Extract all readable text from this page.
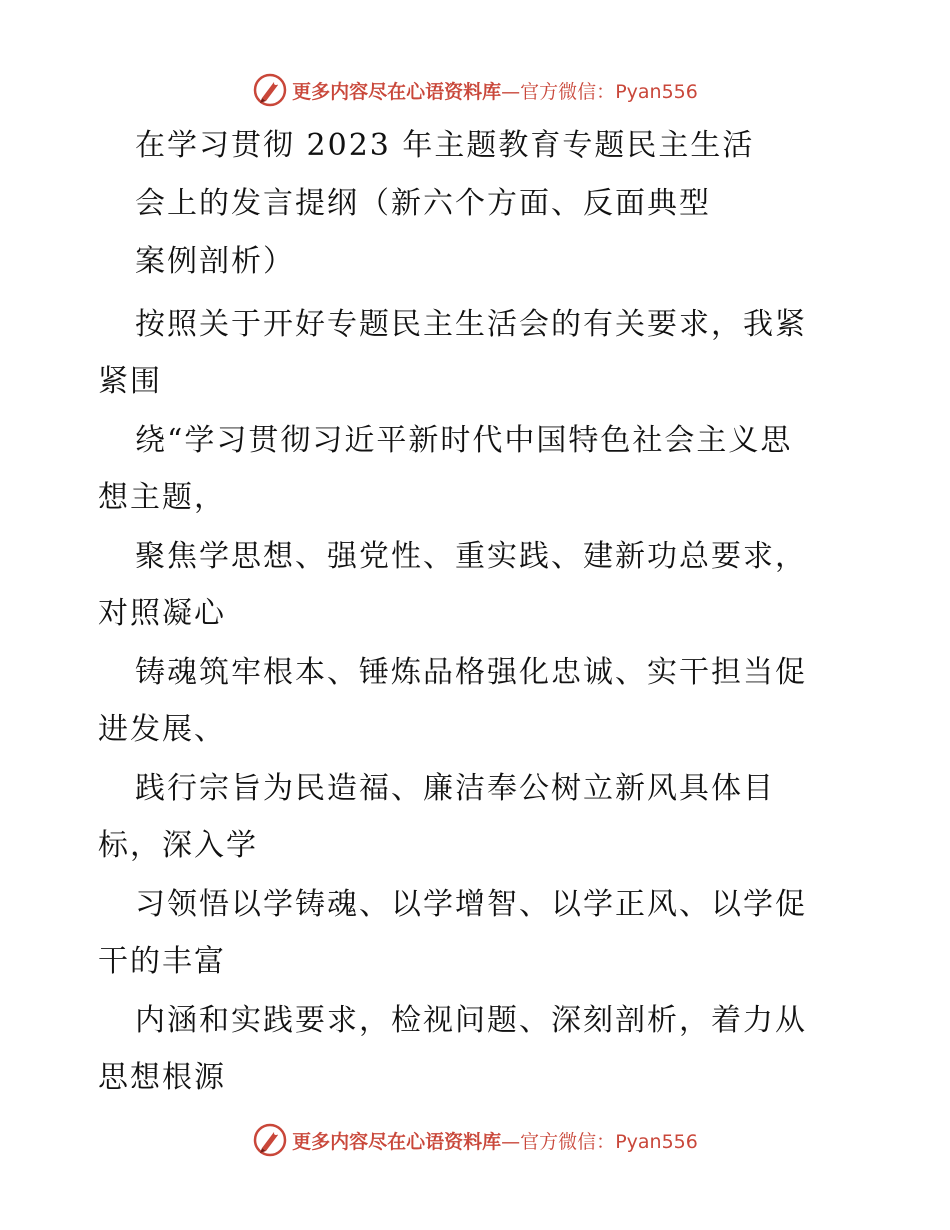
更多内容尽在心语资料库—官方微信：Pyan556
在学习贯彻 2023 年主题教育专题民主生活
会上的发言提纲（新六个方面、反面典型
案例剖析）
按照关于开好专题民主生活会的有关要求，我紧
紧围
绕“学习贯彻习近平新时代中国特色社会主义思
想主题，
聚焦学思想、强党性、重实践、建新功总要求，
对照凝心
铸魂筑牢根本、锤炼品格强化忠诚、实干担当促
进发展、
践行宗旨为民造福、廉洁奉公树立新风具体目
标，深入学
习领悟以学铸魂、以学增智、以学正风、以学促
干的丰富
内涵和实践要求，检视问题、深刻剖析，着力从
思想根源
更多内容尽在心语资料库—官方微信：Pyan556
